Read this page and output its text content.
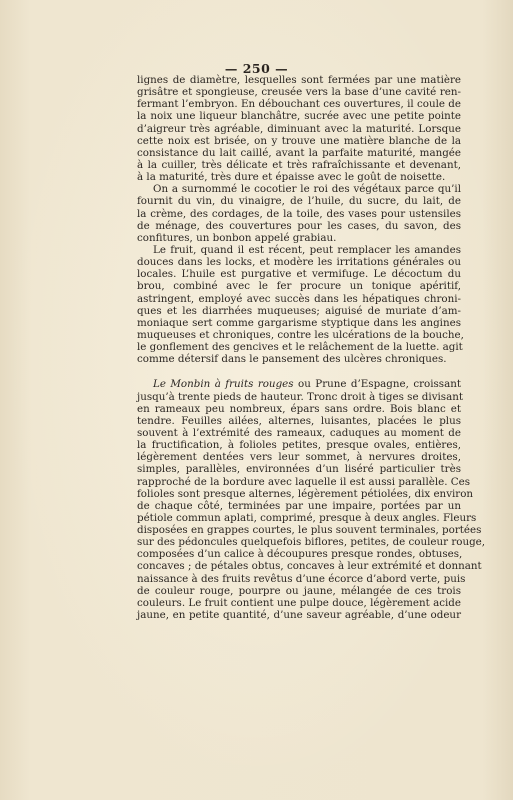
— 250 —
lignes de diamètre, lesquelles sont fermées par une matière
grisâtre et spongieuse, creusée vers la base d’une cavité ren-
fermant l’embryon. En débouchant ces ouvertures, il coule de
la noix une liqueur blanchâtre, sucrée avec une petite pointe
d’aigreur très agréable, diminuant avec la maturité. Lorsque
cette noix est brisée, on y trouve une matière blanche de la
consistance du lait caillé, avant la parfaite maturité, mangée
à la cuiller, très délicate et très rafraîchissante et devenant,
à la maturité, très dure et épaisse avec le goût de noisette.
On a surnommé le cocotier le roi des végétaux parce qu’il
fournit du vin, du vinaigre, de l’huile, du sucre, du lait, de
la crème, des cordages, de la toile, des vases pour ustensiles
de ménage, des couvertures pour les cases, du savon, des
confitures, un bonbon appelé grabiau.
Le fruit, quand il est récent, peut remplacer les amandes
douces dans les locks, et modère les irritations générales ou
locales. L’huile est purgative et vermifuge. Le décoctum du
brou, combiné avec le fer procure un tonique apéritif,
astringent, employé avec succès dans les hépatiques chroni-
ques et les diarrhées muqueuses; aiguisé de muriate d’am-
moniaque sert comme gargarisme styptique dans les angines
muqueuses et chroniques, contre les ulcérations de la bouche,
le gonflement des gencives et le relâchement de la luette. agit
comme détersif dans le pansement des ulcères chroniques.
Le Monbin à fruits rouges ou Prune d’Espagne, croissant
jusqu’à trente pieds de hauteur. Tronc droit à tiges se divisant
en rameaux peu nombreux, épars sans ordre. Bois blanc et
tendre. Feuilles ailées, alternes, luisantes, placées le plus
souvent à l’extrémité des rameaux, caduques au moment de
la fructification, à folioles petites, presque ovales, entières,
légèrement dentées vers leur sommet, à nervures droites,
simples, parallèles, environnées d’un liséré particulier très
rapproché de la bordure avec laquelle il est aussi parallèle. Ces
folioles sont presque alternes, légèrement pétiolées, dix environ
de chaque côté, terminées par une impaire, portées par un
pétiole commun aplati, comprimé, presque à deux angles. Fleurs
disposées en grappes courtes, le plus souvent terminales, portées
sur des pédoncules quelquefois biflores, petites, de couleur rouge,
composées d’un calice à découpures presque rondes, obtuses,
concaves ; de pétales obtus, concaves à leur extrémité et donnant
naissance à des fruits revêtus d’une écorce d’abord verte, puis
de couleur rouge, pourpre ou jaune, mélangée de ces trois
couleurs. Le fruit contient une pulpe douce, légèrement acide
jaune, en petite quantité, d’une saveur agréable, d’une odeur
